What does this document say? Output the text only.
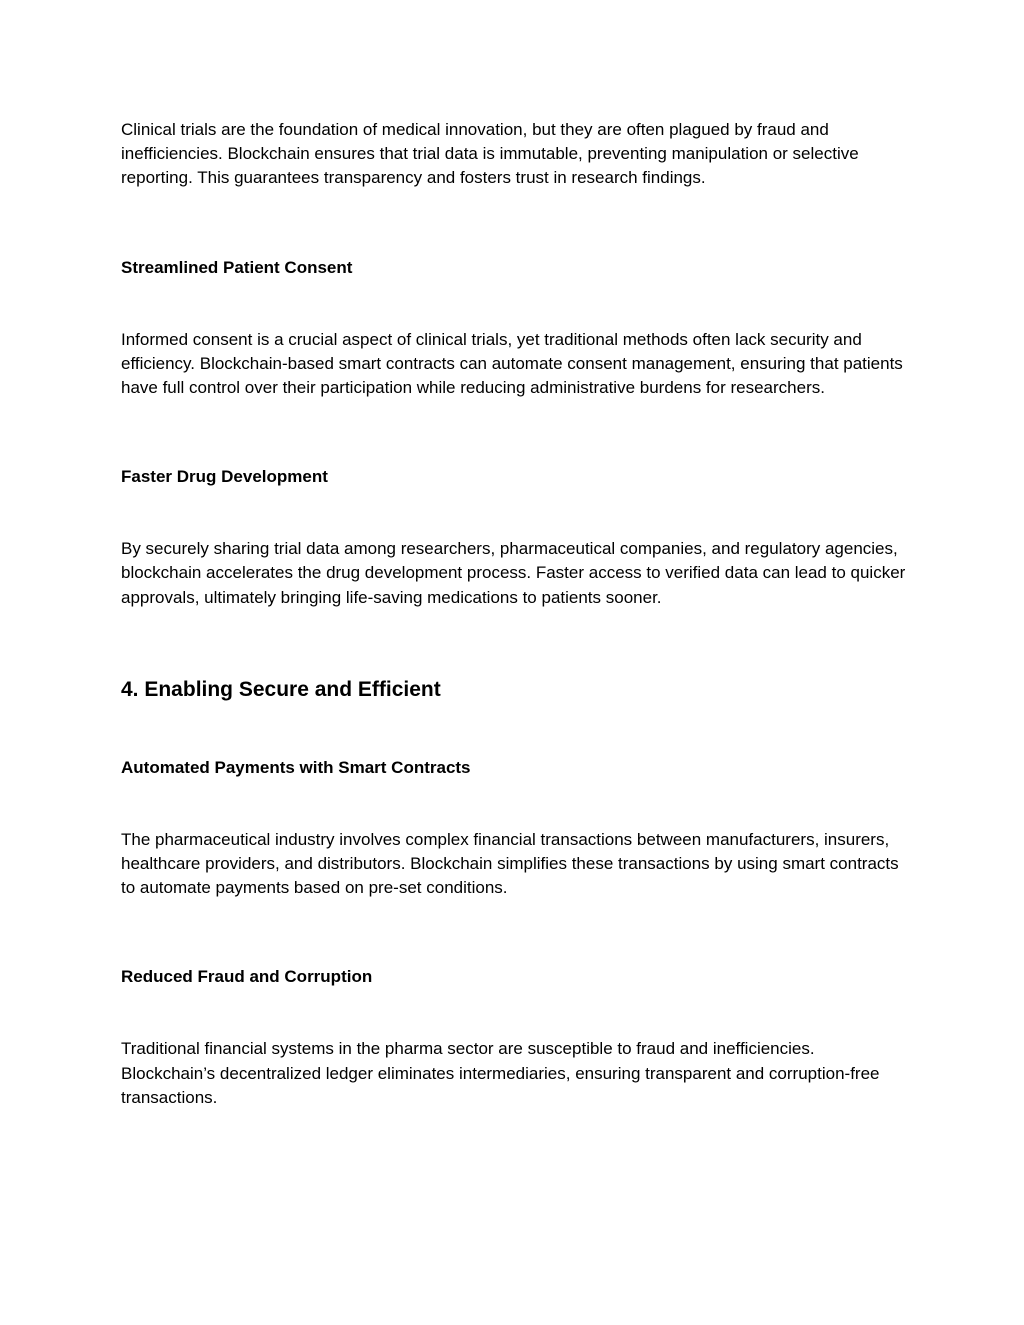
Clinical trials are the foundation of medical innovation, but they are often plagued by fraud and inefficiencies. Blockchain ensures that trial data is immutable, preventing manipulation or selective reporting. This guarantees transparency and fosters trust in research findings.

Streamlined Patient Consent

Informed consent is a crucial aspect of clinical trials, yet traditional methods often lack security and efficiency. Blockchain-based smart contracts can automate consent management, ensuring that patients have full control over their participation while reducing administrative burdens for researchers.

Faster Drug Development

By securely sharing trial data among researchers, pharmaceutical companies, and regulatory agencies, blockchain accelerates the drug development process. Faster access to verified data can lead to quicker approvals, ultimately bringing life-saving medications to patients sooner.

4. Enabling Secure and Efficient
Automated Payments with Smart Contracts

The pharmaceutical industry involves complex financial transactions between manufacturers, insurers, healthcare providers, and distributors. Blockchain simplifies these transactions by using smart contracts to automate payments based on pre-set conditions.

Reduced Fraud and Corruption

Traditional financial systems in the pharma sector are susceptible to fraud and inefficiencies. Blockchain’s decentralized ledger eliminates intermediaries, ensuring transparent and corruption-free transactions.
